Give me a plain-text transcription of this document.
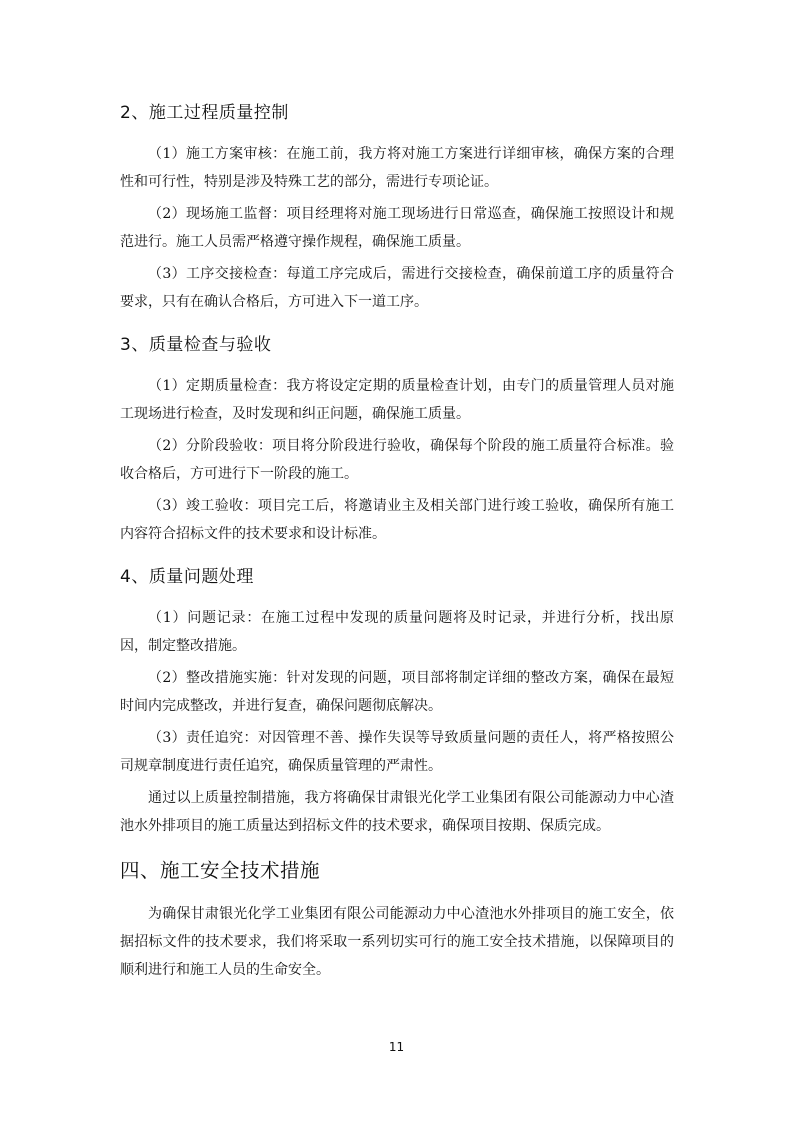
2、施工过程质量控制

（1）施工方案审核：在施工前，我方将对施工方案进行详细审核，确保方案的合理性和可行性，特别是涉及特殊工艺的部分，需进行专项论证。

（2）现场施工监督：项目经理将对施工现场进行日常巡查，确保施工按照设计和规范进行。施工人员需严格遵守操作规程，确保施工质量。

（3）工序交接检查：每道工序完成后，需进行交接检查，确保前道工序的质量符合要求，只有在确认合格后，方可进入下一道工序。

3、质量检查与验收

（1）定期质量检查：我方将设定定期的质量检查计划，由专门的质量管理人员对施工现场进行检查，及时发现和纠正问题，确保施工质量。

（2）分阶段验收：项目将分阶段进行验收，确保每个阶段的施工质量符合标准。验收合格后，方可进行下一阶段的施工。

（3）竣工验收：项目完工后，将邀请业主及相关部门进行竣工验收，确保所有施工内容符合招标文件的技术要求和设计标准。

4、质量问题处理

（1）问题记录：在施工过程中发现的质量问题将及时记录，并进行分析，找出原因，制定整改措施。

（2）整改措施实施：针对发现的问题，项目部将制定详细的整改方案，确保在最短时间内完成整改，并进行复查，确保问题彻底解决。

（3）责任追究：对因管理不善、操作失误等导致质量问题的责任人，将严格按照公司规章制度进行责任追究，确保质量管理的严肃性。

通过以上质量控制措施，我方将确保甘肃银光化学工业集团有限公司能源动力中心渣池水外排项目的施工质量达到招标文件的技术要求，确保项目按期、保质完成。

四、施工安全技术措施

为确保甘肃银光化学工业集团有限公司能源动力中心渣池水外排项目的施工安全，依据招标文件的技术要求，我们将采取一系列切实可行的施工安全技术措施，以保障项目的顺利进行和施工人员的生命安全。

11
